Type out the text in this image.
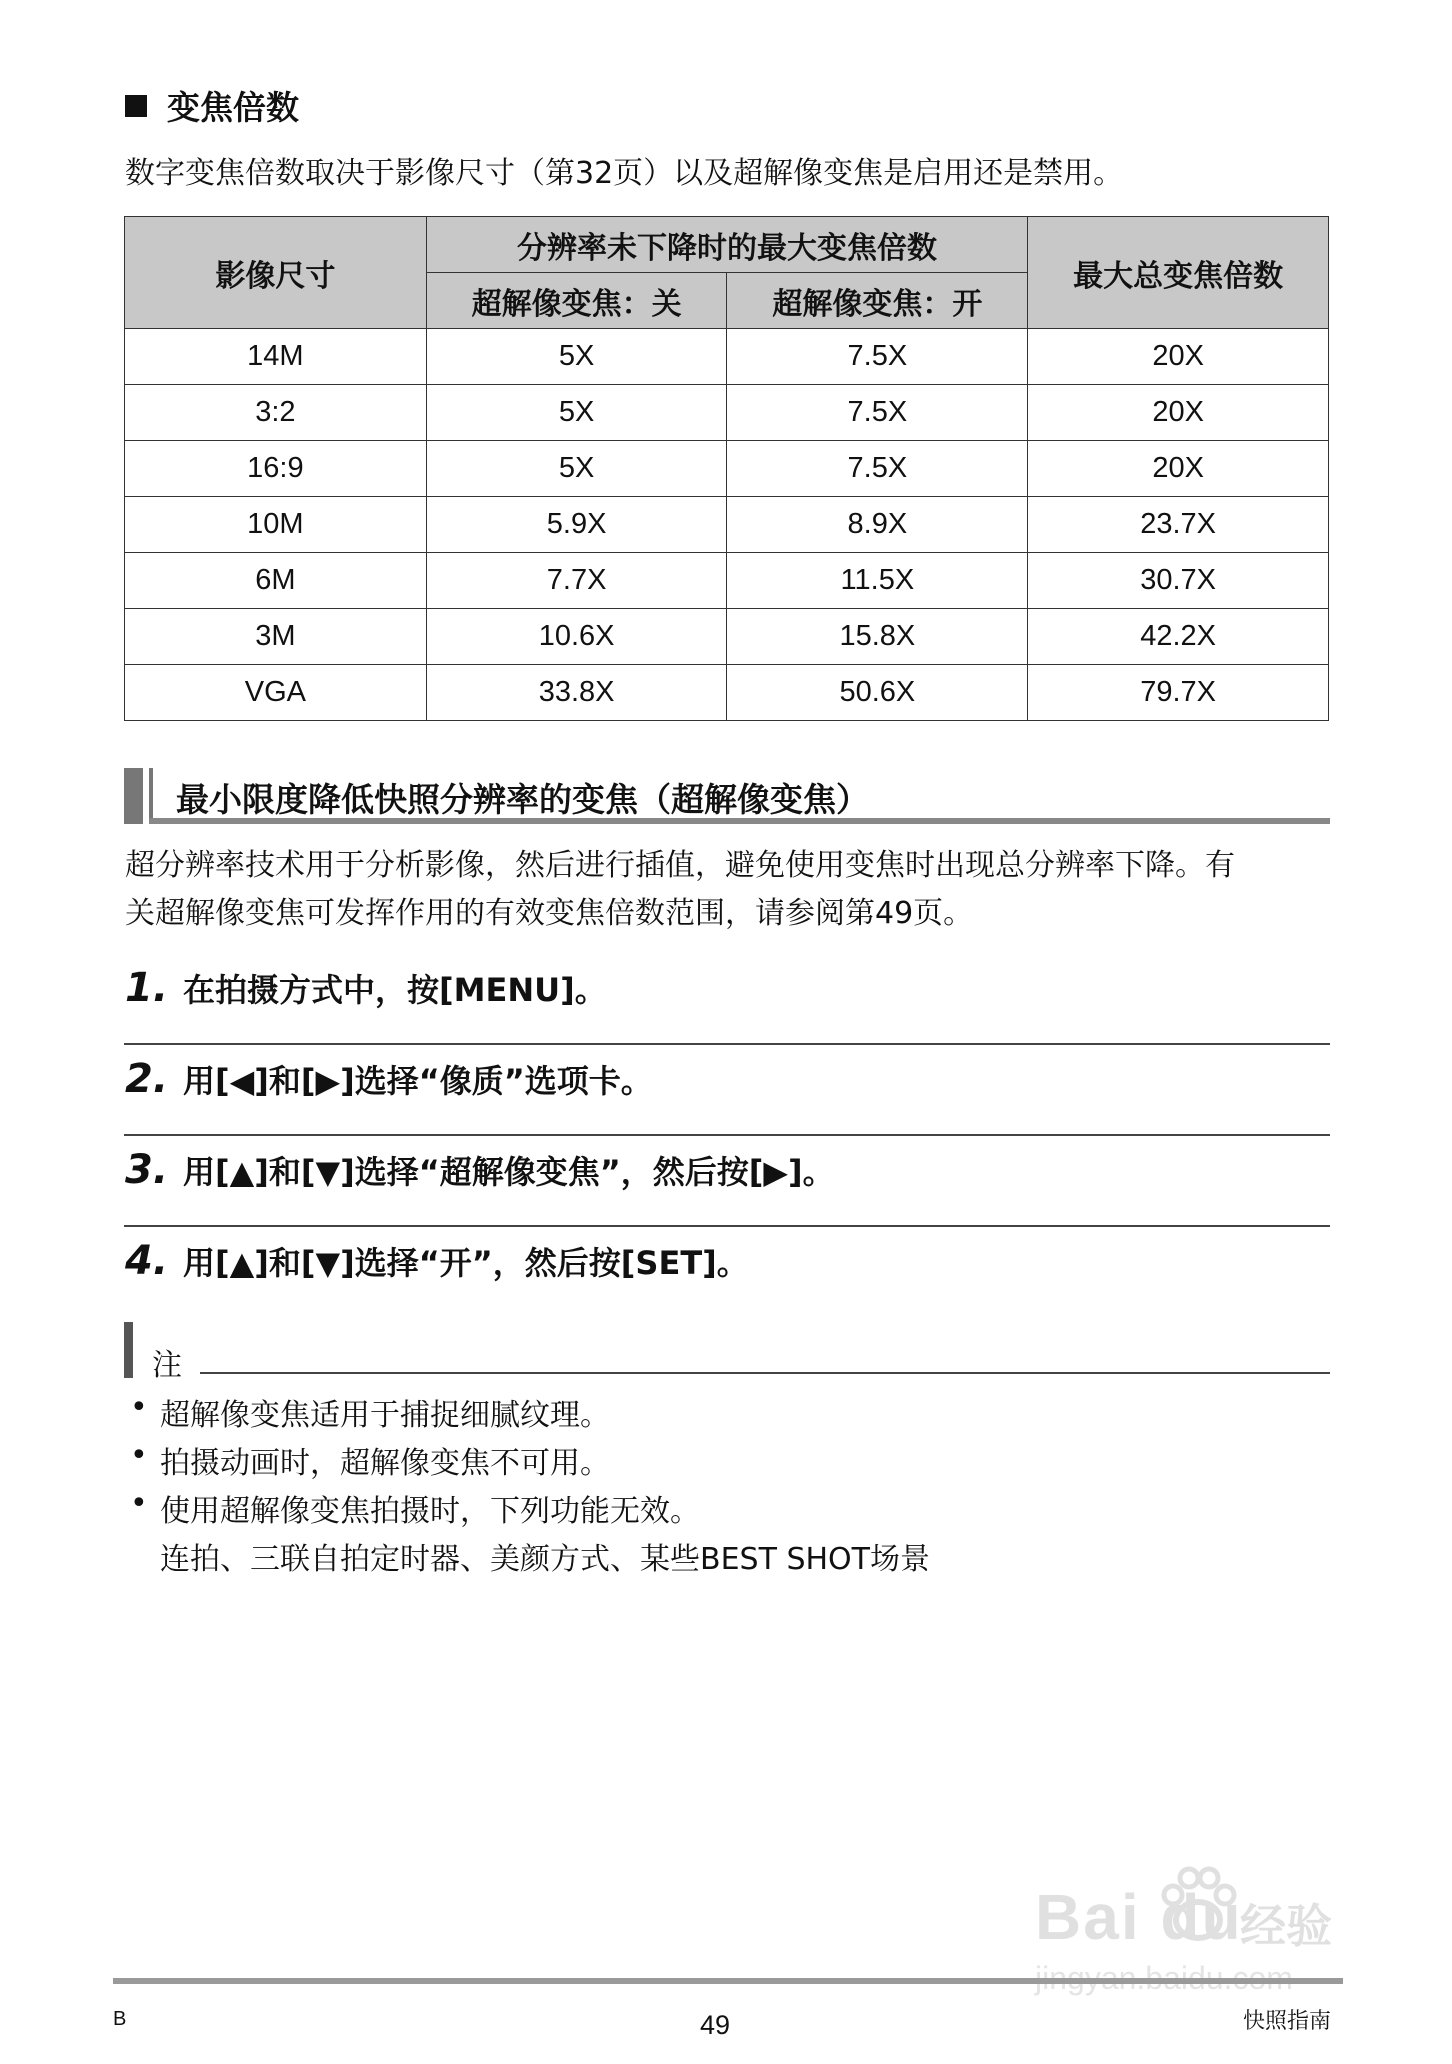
变焦倍数
数字变焦倍数取决于影像尺寸（第32页）以及超解像变焦是启用还是禁用。
影像尺寸	分辨率未下降时的最大变焦倍数		最大总变焦倍数
	超解像变焦：关	超解像变焦：开	
14M	5X	7.5X	20X
3:2	5X	7.5X	20X
16:9	5X	7.5X	20X
10M	5.9X	8.9X	23.7X
6M	7.7X	11.5X	30.7X
3M	10.6X	15.8X	42.2X
VGA	33.8X	50.6X	79.7X
最小限度降低快照分辨率的变焦（超解像变焦）
超分辨率技术用于分析影像，然后进行插值，避免使用变焦时出现总分辨率下降。有
关超解像变焦可发挥作用的有效变焦倍数范围，请参阅第49页。
1. 在拍摄方式中，按[MENU]。
2. 用[◀]和[▶]选择“像质”选项卡。
3. 用[▲]和[▼]选择“超解像变焦”，然后按[▶]。
4. 用[▲]和[▼]选择“开”，然后按[SET]。
注
• 超解像变焦适用于捕捉细腻纹理。
• 拍摄动画时，超解像变焦不可用。
• 使用超解像变焦拍摄时，下列功能无效。
连拍、三联自拍定时器、美颜方式、某些BEST SHOT场景
Bai du
经验
B	49	快照指南
